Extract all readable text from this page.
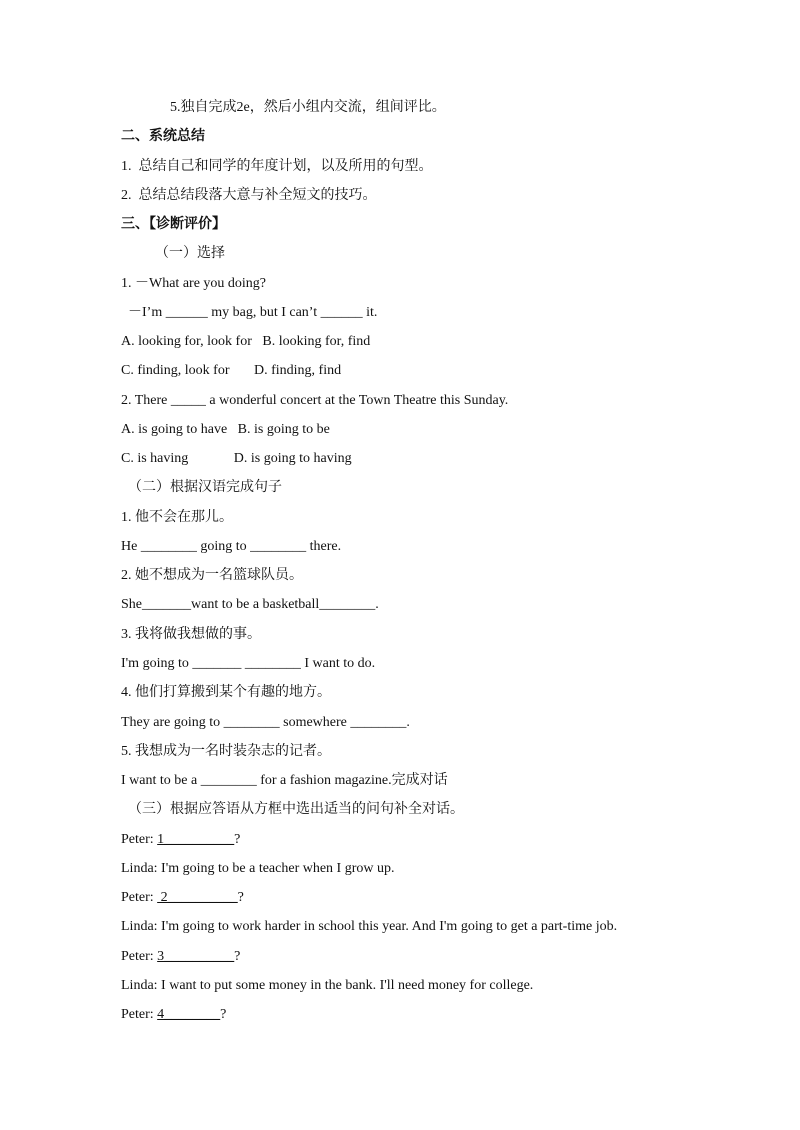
5.独自完成2e，然后小组内交流，组间评比。
二、系统总结
1.  总结自己和同学的年度计划，以及所用的句型。
2.  总结总结段落大意与补全短文的技巧。
三、【诊断评价】
（一）选择
1. －What are you doing?
－I’m ______ my bag, but I can’t ______ it.
A. looking for, look for   B. looking for, find
C. finding, look for       D. finding, find
2. There _____ a wonderful concert at the Town Theatre this Sunday.
A. is going to have   B. is going to be
C. is having             D. is going to having
（二）根据汉语完成句子
1. 他不会在那儿。
He ________ going to ________ there.
2. 她不想成为一名篮球队员。
She_______want to be a basketball________.
3. 我将做我想做的事。
I'm going to _______ ________ I want to do.
4. 他们打算搬到某个有趣的地方。
They are going to ________ somewhere ________.
5. 我想成为一名时装杂志的记者。
I want to be a ________ for a fashion magazine.完成对话
（三）根据应答语从方框中选出适当的问句补全对话。
Peter: 1__________?
Linda: I'm going to be a teacher when I grow up.
Peter:  2__________?
Linda: I'm going to work harder in school this year. And I'm going to get a part-time job.
Peter: 3__________?
Linda: I want to put some money in the bank. I'll need money for college.
Peter: 4________?
